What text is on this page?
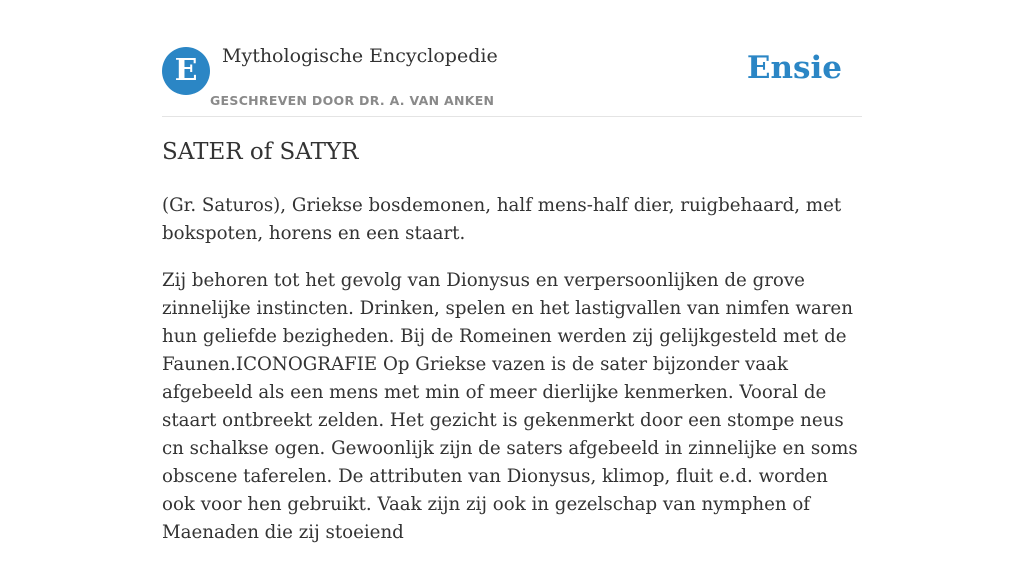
E	Mythologische Encyclopedie
GESCHREVEN DOOR DR. A. VAN ANKEN
Ensie
SATER of SATYR

(Gr. Saturos), Griekse bosdemonen, half mens-half dier, ruigbehaard, met bokspoten, horens en een staart.

Zij behoren tot het gevolg van Dionysus en verpersoonlijken de grove zinnelijke instincten. Drinken, spelen en het lastigvallen van nimfen waren hun geliefde bezigheden. Bij de Romeinen werden zij gelijkgesteld met de Faunen.ICONOGRAFIE Op Griekse vazen is de sater bijzonder vaak afgebeeld als een mens met min of meer dierlijke kenmerken. Vooral de staart ontbreekt zelden. Het gezicht is gekenmerkt door een stompe neus cn schalkse ogen. Gewoonlijk zijn de saters afgebeeld in zinnelijke en soms obscene taferelen. De attributen van Dionysus, klimop, fluit e.d. worden ook voor hen gebruikt. Vaak zijn zij ook in gezelschap van nymphen of Maenaden die zij stoeiend
